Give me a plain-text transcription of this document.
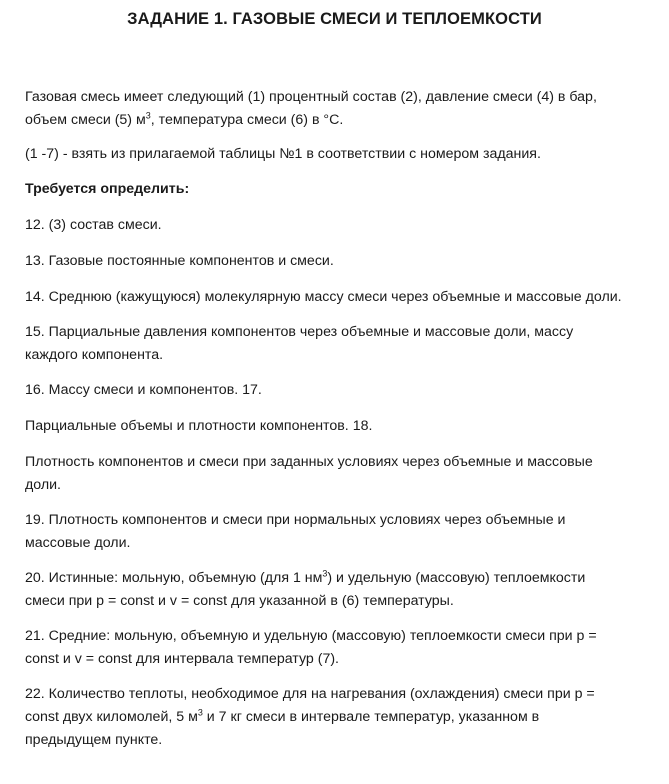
ЗАДАНИЕ 1. ГАЗОВЫЕ СМЕСИ И ТЕПЛОЕМКОСТИ

Газовая смесь имеет следующий (1) процентный состав (2), давление смеси (4) в бар,
объем смеси (5) $м^3$, температура смеси (6) в °С.

(1 -7) - взять из прилагаемой таблицы №1 в соответствии с номером задания.

Требуется определить:

12. (3) состав смеси.

13. Газовые постоянные компонентов и смеси.

14. Среднюю (кажущуюся) молекулярную массу смеси через объемные и массовые доли.

15. Парциальные давления компонентов через объемные и массовые доли, массу
каждого компонента.

16. Массу смеси и компонентов. 17.

Парциальные объемы и плотности компонентов. 18.

Плотность компонентов и смеси при заданных условиях через объемные и массовые
доли.

19. Плотность компонентов и смеси при нормальных условиях через объемные и
массовые доли.

20. Истинные: мольную, объемную (для 1 $нм^3$) и удельную (массовую) теплоемкости
смеси при p = const и v = const для указанной в (6) температуры.

21. Средние: мольную, объемную и удельную (массовую) теплоемкости смеси при p =
const и v = const для интервала температур (7).

22. Количество теплоты, необходимое для на нагревания (охлаждения) смеси при p =
const двух киломолей, 5 $м^3$ и 7 кг смеси в интервале температур, указанном в
предыдущем пункте.
